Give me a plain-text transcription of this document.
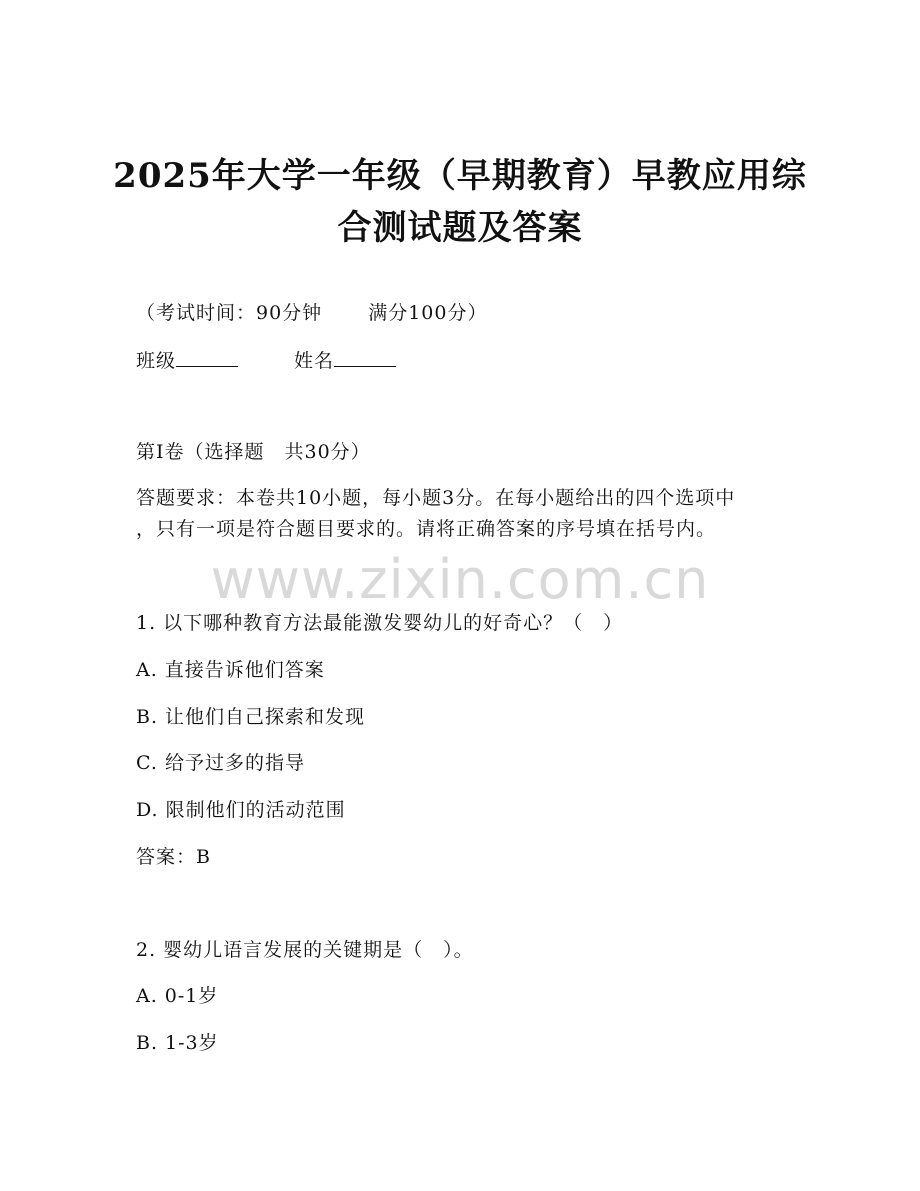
2025年大学一年级（早期教育）早教应用综
合测试题及答案
（考试时间：90分钟 满分100分）
班级	姓名
第I卷（选择题　共30分）
答题要求：本卷共10小题，每小题3分。在每小题给出的四个选项中
，只有一项是符合题目要求的。请将正确答案的序号填在括号内。
www.zixin.com.cn
1. 以下哪种教育方法最能激发婴幼儿的好奇心？（　）
A. 直接告诉他们答案
B. 让他们自己探索和发现
C. 给予过多的指导
D. 限制他们的活动范围
答案：B
2. 婴幼儿语言发展的关键期是（　）。
A. 0-1岁
B. 1-3岁
